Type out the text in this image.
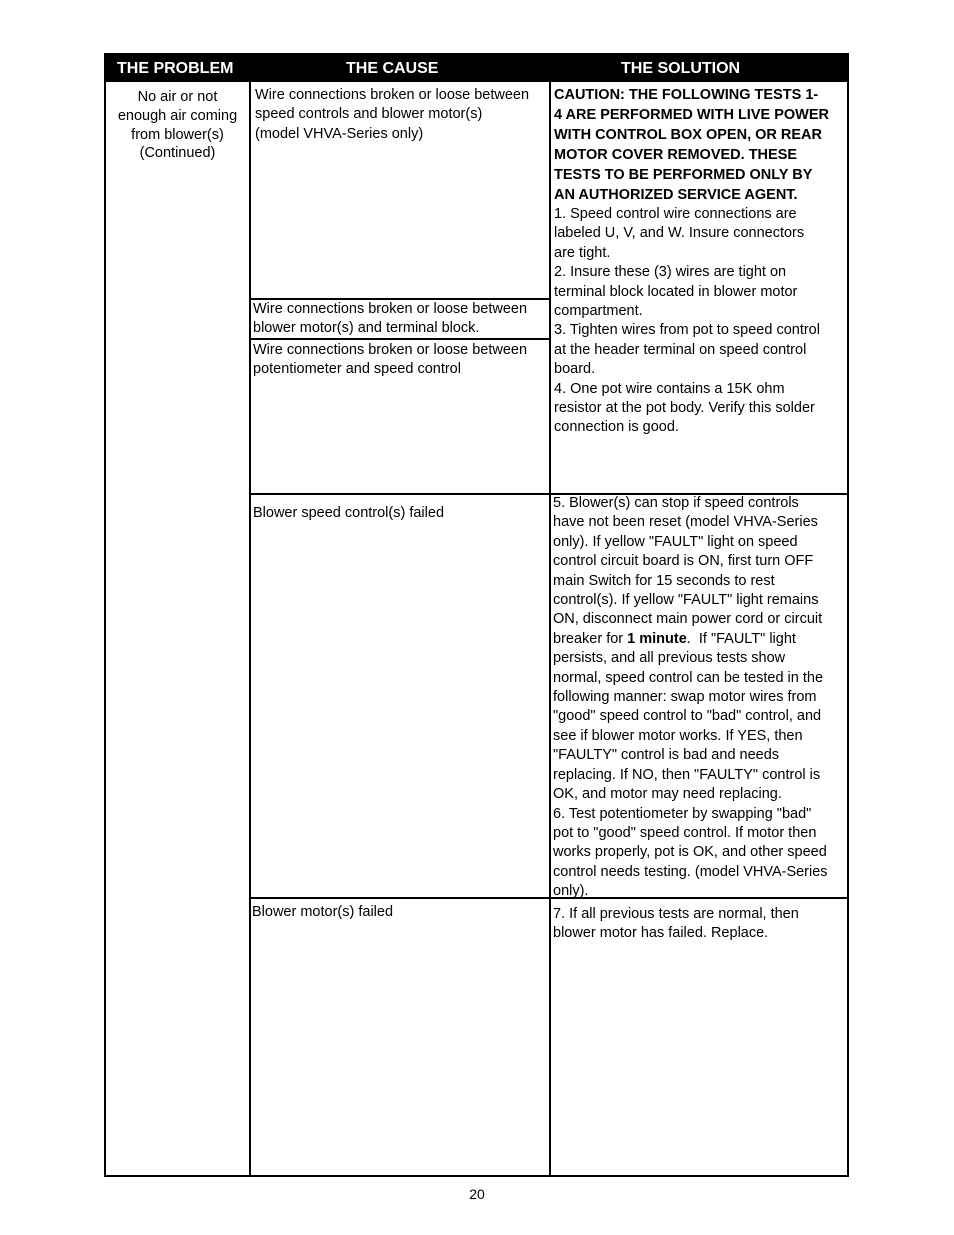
THE PROBLEM	THE CAUSE	THE SOLUTION
No air or not
enough air coming
from blower(s)
(Continued)
Wire connections broken or loose between
speed controls and blower motor(s)
(model VHVA-Series only)
Wire connections broken or loose between
blower motor(s) and terminal block.
Wire connections broken or loose between
potentiometer and speed control
Blower speed control(s) failed
Blower motor(s) failed
CAUTION: THE FOLLOWING TESTS 1-
4 ARE PERFORMED WITH LIVE POWER
WITH CONTROL BOX OPEN, OR REAR
MOTOR COVER REMOVED. THESE
TESTS TO BE PERFORMED ONLY BY
AN AUTHORIZED SERVICE AGENT.
1. Speed control wire connections are
labeled U, V, and W. Insure connectors
are tight.
2. Insure these (3) wires are tight on
terminal block located in blower motor
compartment.
3. Tighten wires from pot to speed control
at the header terminal on speed control
board.
4. One pot wire contains a 15K ohm
resistor at the pot body. Verify this solder
connection is good.
5. Blower(s) can stop if speed controls
have not been reset (model VHVA-Series
only). If yellow "FAULT" light on speed
control circuit board is ON, first turn OFF
main Switch for 15 seconds to rest
control(s). If yellow "FAULT" light remains
ON, disconnect main power cord or circuit
breaker for 1 minute.  If "FAULT" light
persists, and all previous tests show
normal, speed control can be tested in the
following manner: swap motor wires from
"good" speed control to "bad" control, and
see if blower motor works. If YES, then
"FAULTY" control is bad and needs
replacing. If NO, then "FAULTY" control is
OK, and motor may need replacing.
6. Test potentiometer by swapping "bad"
pot to "good" speed control. If motor then
works properly, pot is OK, and other speed
control needs testing. (model VHVA-Series
only).
7. If all previous tests are normal, then
blower motor has failed. Replace.
20
